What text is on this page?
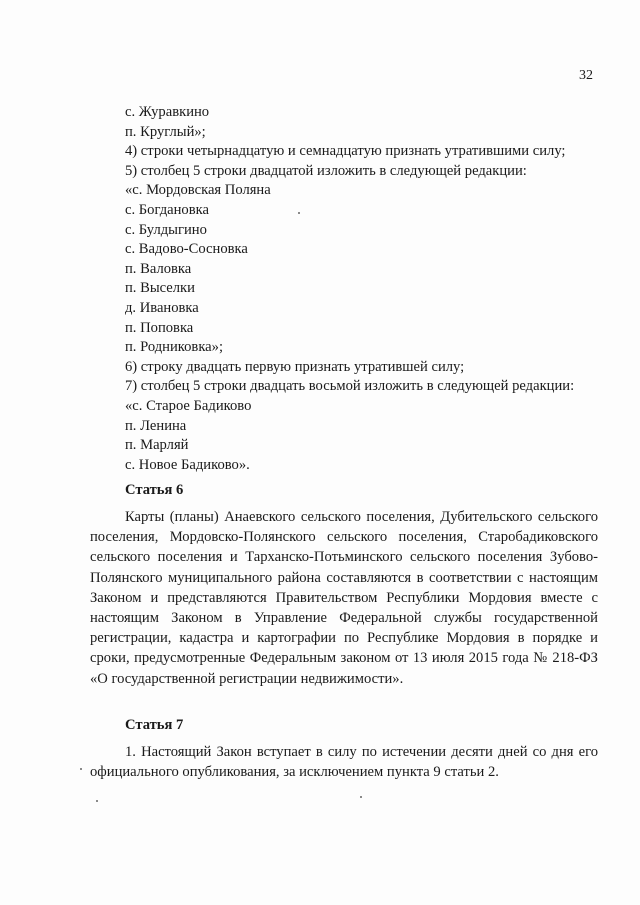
32
с. Журавкино
п. Круглый»;
4) строки четырнадцатую и семнадцатую признать утратившими силу;
5) столбец 5 строки двадцатой изложить в следующей редакции:
«с. Мордовская Поляна
с. Богдановка
с. Булдыгино
с. Вадово-Сосновка
п. Валовка
п. Выселки
д. Ивановка
п. Поповка
п. Родниковка»;
6) строку двадцать первую признать утратившей силу;
7) столбец 5 строки двадцать восьмой изложить в следующей редакции:
«с. Старое Бадиково
п. Ленина
п. Марляй
с. Новое Бадиково».
Статья 6
Карты (планы) Анаевского сельского поселения, Дубительского сельского поселения, Мордовско-Полянского сельского поселения, Старобадиковского сельского поселения и Тарханско-Потьминского сельского поселения Зубово-Полянского муниципального района составляются в соответствии с настоящим Законом и представляются Правительством Республики Мордовия вместе с настоящим Законом в Управление Федеральной службы государственной регистрации, кадастра и картографии по Республике Мордовия в порядке и сроки, предусмотренные Федеральным законом от 13 июля 2015 года № 218-ФЗ «О государственной регистрации недвижимости».
Статья 7
1. Настоящий Закон вступает в силу по истечении десяти дней со дня его официального опубликования, за исключением пункта 9 статьи 2.
